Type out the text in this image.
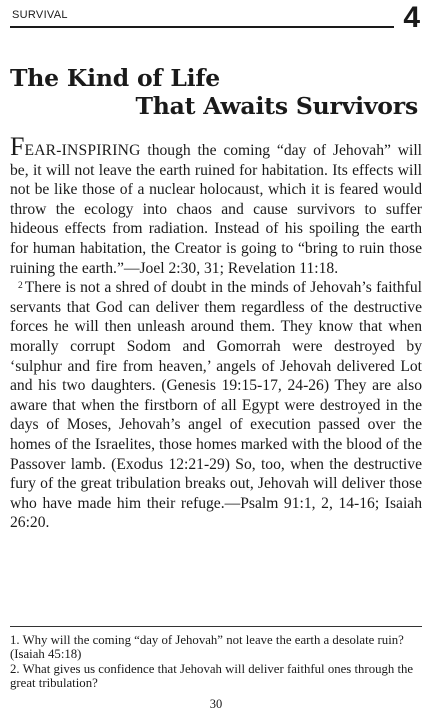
SURVIVAL	4
The Kind of Life
That Awaits Survivors

FEAR-INSPIRING though the coming “day of Jehovah” will be, it will not leave the earth ruined for habitation. Its effects will not be like those of a nuclear holocaust, which it is feared would throw the ecology into chaos and cause survivors to suffer hideous effects from radiation. Instead of his spoiling the earth for human habitation, the Creator is going to “bring to ruin those ruining the earth.”—Joel 2:30, 31; Revelation 11:18.

$^2$ There is not a shred of doubt in the minds of Jehovah’s faithful servants that God can deliver them regardless of the destructive forces he will then unleash around them. They know that when morally corrupt Sodom and Gomorrah were destroyed by ‘sulphur and fire from heaven,’ angels of Jehovah delivered Lot and his two daughters. (Genesis 19:15-17, 24-26) They are also aware that when the firstborn of all Egypt were destroyed in the days of Moses, Jehovah’s angel of execution passed over the homes of the Israelites, those homes marked with the blood of the Passover lamb. (Exodus 12:21-29) So, too, when the destructive fury of the great tribulation breaks out, Jehovah will deliver those who have made him their refuge.—Psalm 91:1, 2, 14-16; Isaiah 26:20.

1. Why will the coming “day of Jehovah” not leave the earth a desolate ruin? (Isaiah 45:18)

2. What gives us confidence that Jehovah will deliver faithful ones through the great tribulation?

30
